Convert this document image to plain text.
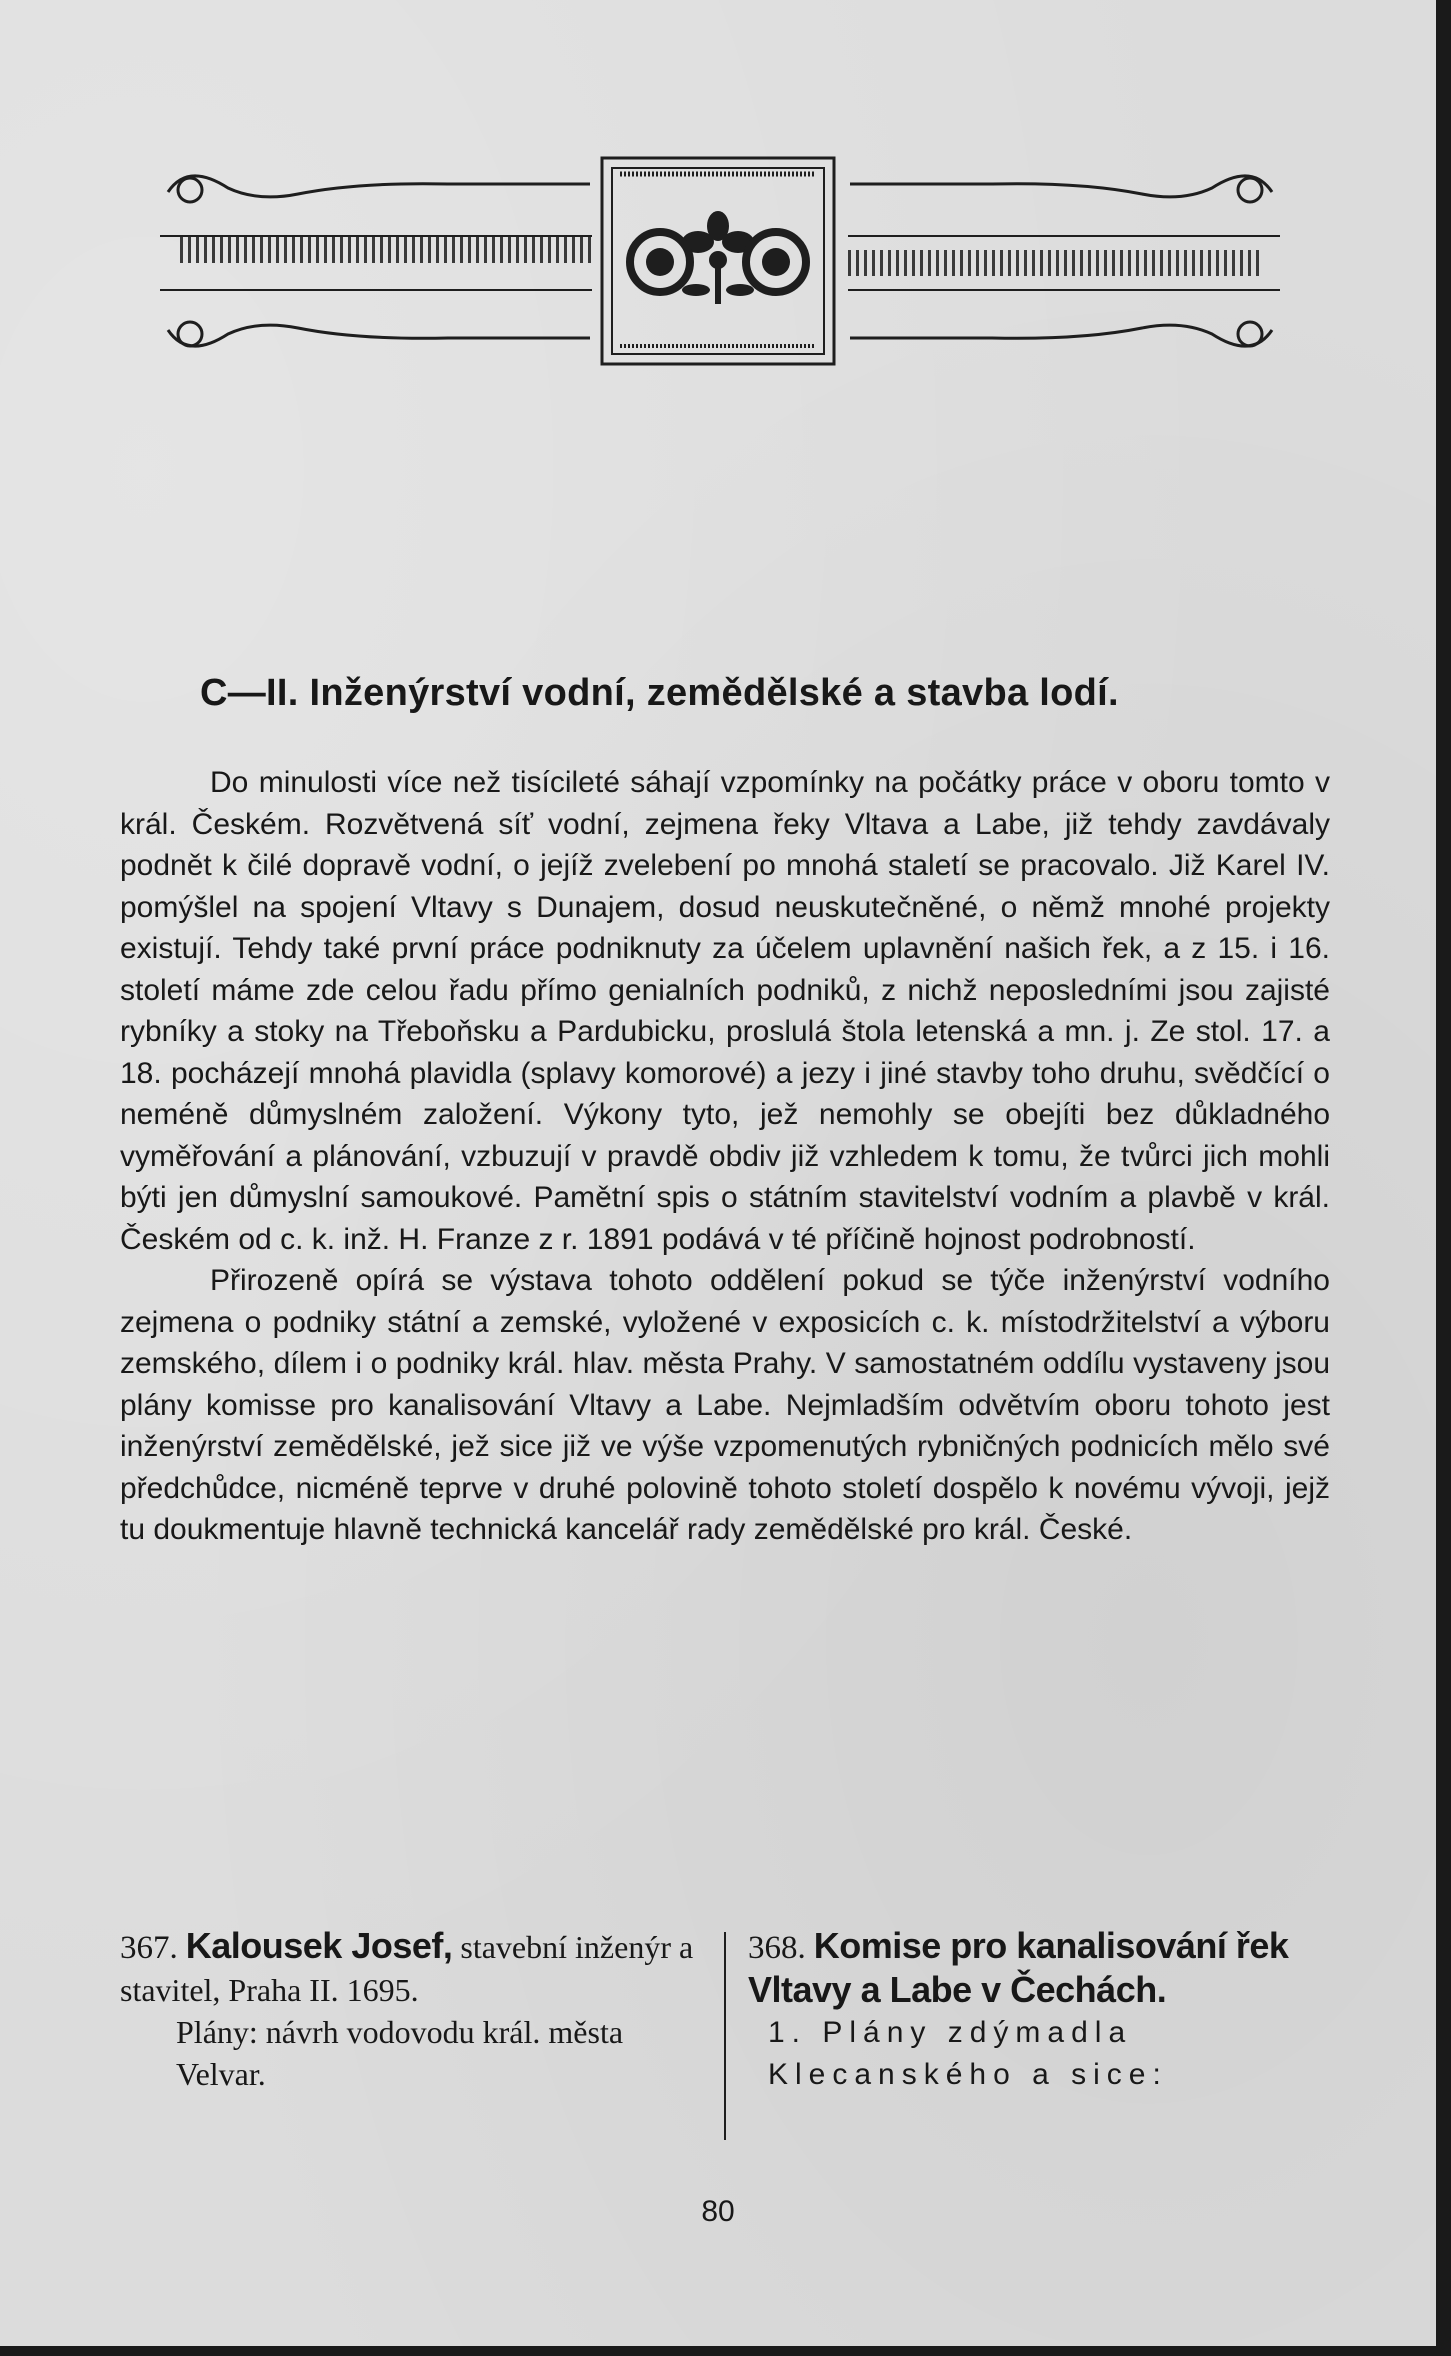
C—II. Inženýrství vodní, zemědělské a stavba lodí.

Do minulosti více než tisícileté sáhají vzpomínky na počátky práce v oboru tomto v král. Českém. Rozvětvená síť vodní, zejmena řeky Vltava a Labe, již tehdy zavdávaly podnět k čilé dopravě vodní, o jejíž zvelebení po mnohá staletí se pracovalo. Již Karel IV. pomýšlel na spojení Vltavy s Dunajem, dosud neuskutečněné, o němž mnohé projekty existují. Tehdy také první práce podniknuty za účelem uplavnění našich řek, a z 15. i 16. století máme zde celou řadu přímo genialních podniků, z nichž neposledními jsou zajisté rybníky a stoky na Třeboňsku a Pardubicku, proslulá štola letenská a mn. j. Ze stol. 17. a 18. pocházejí mnohá plavidla (splavy komorové) a jezy i jiné stavby toho druhu, svědčící o neméně důmyslném založení. Výkony tyto, jež nemohly se obejíti bez důkladného vyměřování a plánování, vzbuzují v pravdě obdiv již vzhledem k tomu, že tvůrci jich mohli býti jen důmyslní samoukové. Pamětní spis o státním stavitelství vodním a plavbě v král. Českém od c. k. inž. H. Franze z r. 1891 podává v té příčině hojnost podrobností.

Přirozeně opírá se výstava tohoto oddělení pokud se týče inženýrství vodního zejmena o podniky státní a zemské, vyložené v exposicích c. k. místodržitelství a výboru zemského, dílem i o podniky král. hlav. města Prahy. V samostatném oddílu vystaveny jsou plány komisse pro kanalisování Vltavy a Labe. Nejmladším odvětvím oboru tohoto jest inženýrství zemědělské, jež sice již ve výše vzpomenutých rybničných podnicích mělo své předchůdce, nicméně teprve v druhé polovině tohoto století dospělo k novému vývoji, jejž tu doukmentuje hlavně technická kancelář rady zemědělské pro král. České.

367. Kalousek Josef, stavební inženýr a stavitel, Praha II. 1695.
Plány: návrh vodovodu král. města Velvar.
368. Komise pro kanalisování řek Vltavy a Labe v Čechách.
1. Plány zdýmadla Klecanského a sice:
80
